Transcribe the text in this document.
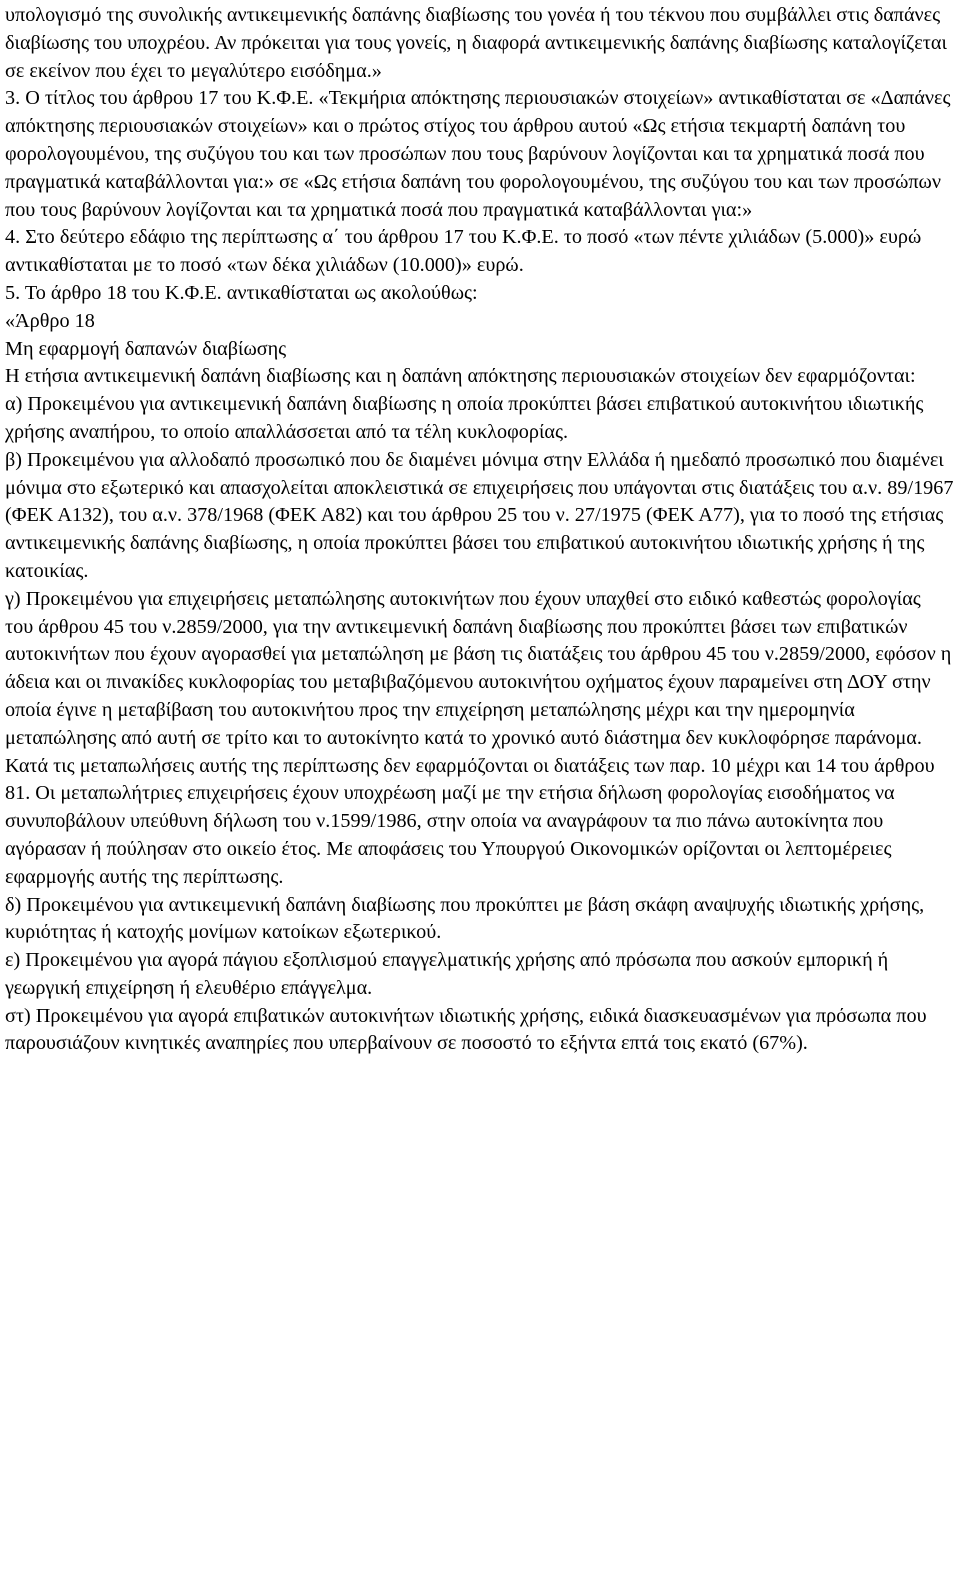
υπολογισμό της συνολικής αντικειμενικής δαπάνης διαβίωσης του γονέα ή του τέκνου που συμβάλλει στις δαπάνες διαβίωσης του υποχρέου. Αν πρόκειται για τους γονείς, η διαφορά αντικειμενικής δαπάνης διαβίωσης καταλογίζεται σε εκείνον που έχει το μεγαλύτερο εισόδημα.»

3. Ο τίτλος του άρθρου 17 του Κ.Φ.Ε. «Τεκμήρια απόκτησης περιουσιακών στοιχείων» αντικαθίσταται σε «Δαπάνες απόκτησης περιουσιακών στοιχείων» και ο πρώτος στίχος του άρθρου αυτού «Ως ετήσια τεκμαρτή δαπάνη του φορολογουμένου, της συζύγου του και των προσώπων που τους βαρύνουν λογίζονται και τα χρηματικά ποσά που πραγματικά καταβάλλονται για:» σε «Ως ετήσια δαπάνη του φορολογουμένου, της συζύγου του και των προσώπων που τους βαρύνουν λογίζονται και τα χρηματικά ποσά που πραγματικά καταβάλλονται για:»

4. Στο δεύτερο εδάφιο της περίπτωσης α΄ του άρθρου 17 του Κ.Φ.Ε. το ποσό «των πέντε χιλιάδων (5.000)» ευρώ αντικαθίσταται με το ποσό «των δέκα χιλιάδων (10.000)» ευρώ.

5. Το άρθρο 18 του Κ.Φ.Ε. αντικαθίσταται ως ακολούθως:

«Άρθρο 18

Μη εφαρμογή δαπανών διαβίωσης

Η ετήσια αντικειμενική δαπάνη διαβίωσης και η δαπάνη απόκτησης περιουσιακών στοιχείων δεν εφαρμόζονται:

α) Προκειμένου για αντικειμενική δαπάνη διαβίωσης η οποία προκύπτει βάσει επιβατικού αυτοκινήτου ιδιωτικής χρήσης αναπήρου, το οποίο απαλλάσσεται από τα τέλη κυκλοφορίας.

β) Προκειμένου για αλλοδαπό προσωπικό που δε διαμένει μόνιμα στην Ελλάδα ή ημεδαπό προσωπικό που διαμένει μόνιμα στο εξωτερικό και απασχολείται αποκλειστικά σε επιχειρήσεις που υπάγονται στις διατάξεις του α.ν. 89/1967 (ΦΕΚ Α132), του α.ν. 378/1968 (ΦΕΚ Α82) και του άρθρου 25 του ν. 27/1975 (ΦΕΚ Α77), για το ποσό της ετήσιας αντικειμενικής δαπάνης διαβίωσης, η οποία προκύπτει βάσει του επιβατικού αυτοκινήτου ιδιωτικής χρήσης ή της κατοικίας.

γ) Προκειμένου για επιχειρήσεις μεταπώλησης αυτοκινήτων που έχουν υπαχθεί στο ειδικό καθεστώς φορολογίας του άρθρου 45 του ν.2859/2000, για την αντικειμενική δαπάνη διαβίωσης που προκύπτει βάσει των επιβατικών αυτοκινήτων που έχουν αγορασθεί για μεταπώληση με βάση τις διατάξεις του άρθρου 45 του ν.2859/2000, εφόσον η άδεια και οι πινακίδες κυκλοφορίας του μεταβιβαζόμενου αυτοκινήτου οχήματος έχουν παραμείνει στη ΔΟΥ στην οποία έγινε η μεταβίβαση του αυτοκινήτου προς την επιχείρηση μεταπώλησης μέχρι και την ημερομηνία μεταπώλησης από αυτή σε τρίτο και το αυτοκίνητο κατά το χρονικό αυτό διάστημα δεν κυκλοφόρησε παράνομα. Κατά τις μεταπωλήσεις αυτής της περίπτωσης δεν εφαρμόζονται οι διατάξεις των παρ. 10 μέχρι και 14 του άρθρου 81. Οι μεταπωλήτριες επιχειρήσεις έχουν υποχρέωση μαζί με την ετήσια δήλωση φορολογίας εισοδήματος να συνυποβάλουν υπεύθυνη δήλωση του ν.1599/1986, στην οποία να αναγράφουν τα πιο πάνω αυτοκίνητα που αγόρασαν ή πούλησαν στο οικείο έτος. Με αποφάσεις του Υπουργού Οικονομικών ορίζονται οι λεπτομέρειες εφαρμογής αυτής της περίπτωσης.

δ) Προκειμένου για αντικειμενική δαπάνη διαβίωσης που προκύπτει με βάση σκάφη αναψυχής ιδιωτικής χρήσης, κυριότητας ή κατοχής μονίμων κατοίκων εξωτερικού.

ε) Προκειμένου για αγορά πάγιου εξοπλισμού επαγγελματικής χρήσης από πρόσωπα που ασκούν εμπορική ή γεωργική επιχείρηση ή ελευθέριο επάγγελμα.

στ) Προκειμένου για αγορά επιβατικών αυτοκινήτων ιδιωτικής χρήσης, ειδικά διασκευασμένων για πρόσωπα που παρουσιάζουν κινητικές αναπηρίες που υπερβαίνουν σε ποσοστό το εξήντα επτά τοις εκατό (67%).
